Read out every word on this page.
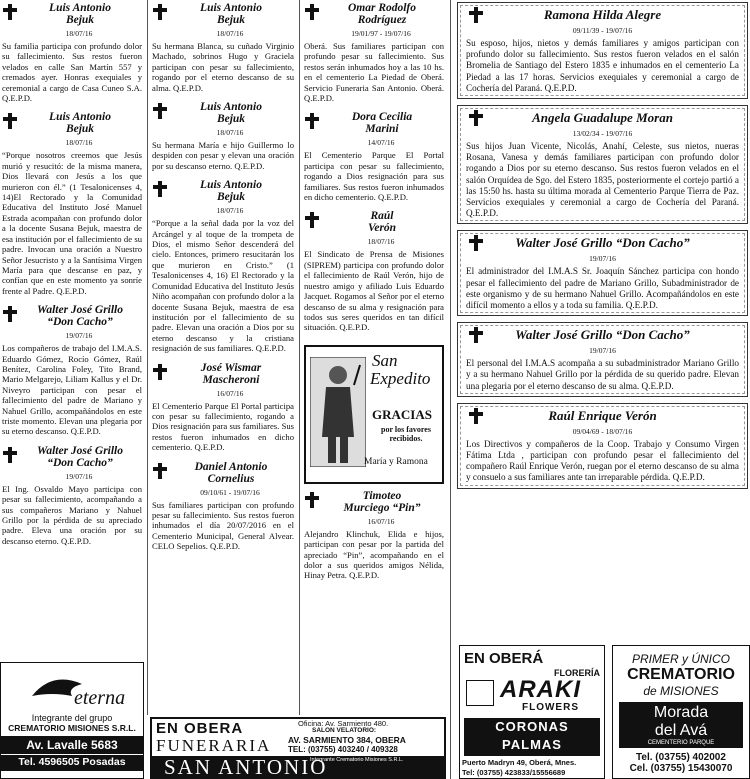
Luis Antonio
Bejuk
18/07/16

Su familia participa con profundo dolor su fallecimiento. Sus restos fueron velados en calle San Martín 557 y cremados ayer. Honras exequiales y ceremonial a cargo de Casa Cuneo S.A. Q.E.P.D.

Luis Antonio
Bejuk
18/07/16

“Porque nosotros creemos que Jesús murió y resucitó: de la misma manera, Dios llevará con Jesús a los que murieron con él.” (1 Tesalonicenses 4, 14)El Rectorado y la Comunidad Educativa del Instituto José Manuel Estrada acompañan con profundo dolor a la docente Susana Bejuk, maestra de esa institución por el fallecimiento de su padre. Invocan una oración a Nuestro Señor Jesucristo y a la Santísima Virgen María para que descanse en paz, y confían que en este momento ya sonríe frente al Padre. Q.E.P.D.

Walter José Grillo
“Don Cacho”
19/07/16

Los compañeros de trabajo del I.M.A.S. Eduardo Gómez, Rocío Gómez, Raúl Benítez, Carolina Foley, Tito Brand, Mario Melgarejo, Liliam Kallus y el Dr. Niveyro participan con pesar el fallecimiento del padre de Mariano y Nahuel Grillo, acompañándolos en este triste momento. Elevan una plegaria por su eterno descanso. Q.E.P.D.

Walter José Grillo
“Don Cacho”
19/07/16

El Ing. Osvaldo Mayo participa con pesar su fallecimiento, acompañando a sus compañeros Mariano y Nahuel Grillo por la pérdida de su apreciado padre. Eleva una oración por su descanso eterno. Q.E.P.D.

Luis Antonio
Bejuk
18/07/16

Su hermana Blanca, su cuñado Virginio Machado, sobrinos Hugo y Graciela participan con pesar su fallecimiento, rogando por el eterno descanso de su alma. Q.E.P.D.

Luis Antonio
Bejuk
18/07/16

Su hermana María e hijo Guillermo lo despiden con pesar y elevan una oración por su descanso eterno. Q.E.P.D.

Luis Antonio
Bejuk
18/07/16

“Porque a la señal dada por la voz del Arcángel y al toque de la trompeta de Dios, el mismo Señor descenderá del cielo. Entonces, primero resucitarán los que murieron en Cristo.” (1 Tesalonicenses 4, 16) El Rectorado y la Comunidad Educativa del Instituto Jesús Niño acompañan con profundo dolor a la docente Susana Bejuk, maestra de esa institución por el fallecimiento de su padre. Elevan una oración a Dios por su eterno descanso y la cristiana resignación de sus familiares. Q.E.P.D.

José Wismar
Mascheroni
16/07/16

El Cementerio Parque El Portal participa con pesar su fallecimiento, rogando a Dios resignación para sus familiares. Sus restos fueron inhumados en dicho cementerio. Q.E.P.D.

Daniel Antonio
Cornelius
09/10/61 - 19/07/16

Sus familiares participan con profundo pesar su fallecimiento. Sus restos fueron inhumados el día 20/07/2016 en el Cementerio Municipal, General Alvear. CELO Sepelios. Q.E.P.D.

Omar Rodolfo
Rodríguez
19/01/97 - 19/07/16

Oberá. Sus familiares participan con profundo pesar su fallecimiento. Sus restos serán inhumados hoy a las 10 hs. en el cementerio La Piedad de Oberá. Servicio Funeraria San Antonio. Oberá. Q.E.P.D.

Dora Cecilia
Marini
14/07/16

El Cementerio Parque El Portal participa con pesar su fallecimiento, rogando a Dios resignación para sus familiares. Sus restos fueron inhumados en dicho cementerio. Q.E.P.D.

Raúl
Verón
18/07/16

El Sindicato de Prensa de Misiones (SIPREM) participa con profundo dolor el fallecimiento de Raúl Verón, hijo de nuestro amigo y afiliado Luis Eduardo Jacquet. Rogamos al Señor por el eterno descanso de su alma y resignación para todos sus seres queridos en tan difícil situación. Q.E.P.D.

San
Expedito
GRACIAS
por los favores recibidos.
María y Ramona
Timoteo
Murciego “Pin”
16/07/16

Alejandro Klinchuk, Elida e hijos, participan con pesar por la partida del apreciado “Pin”, acompañando en el dolor a sus queridos amigos Nélida, Hinay Petra. Q.E.P.D.

Ramona Hilda Alegre
09/11/39 - 19/07/16

Su esposo, hijos, nietos y demás familiares y amigos participan con profundo dolor su fallecimiento. Sus restos fueron velados en el salón Bromelia de Santiago del Estero 1835 e inhumados en el cementerio La Piedad a las 17 horas. Servicios exequiales y ceremonial a cargo de Cochería del Paraná. Q.E.P.D.

Angela Guadalupe Moran
13/02/34 - 19/07/16

Sus hijos Juan Vicente, Nicolás, Anahí, Celeste, sus nietos, nueras Rosana, Vanesa y demás familiares participan con profundo dolor rogando a Dios por su eterno descanso. Sus restos fueron velados en el salón Orquídea de Sgo. del Estero 1835, posteriormente el cortejo partió a las 15:50 hs. hasta su última morada al Cementerio Parque Tierra de Paz. Servicios exequiales y ceremonial a cargo de Cochería del Paraná. Q.E.P.D.

Walter José Grillo “Don Cacho”
19/07/16

El administrador del I.M.A.S Sr. Joaquín Sánchez participa con hondo pesar el fallecimiento del padre de Mariano Grillo, Subadministrador de este organismo y de su hermano Nahuel Grillo. Acompañándolos en este difícil momento a ellos y a toda su familia. Q.E.P.D.

Walter José Grillo “Don Cacho”
19/07/16

El personal del I.M.A.S acompaña a su subadministrador Mariano Grillo y a su hermano Nahuel Grillo por la pérdida de su querido padre. Elevan una plegaria por el eterno descanso de su alma. Q.E.P.D.

Raúl Enrique Verón
09/04/69 - 18/07/16

Los Directivos y compañeros de la Coop. Trabajo y Consumo Virgen Fátima Ltda , participan con profundo pesar el fallecimiento del compañero Raúl Enrique Verón, ruegan por el eterno descanso de su alma y consuelo a sus familiares ante tan irreparable pérdida. Q.E.P.D.

eterna
Integrante del grupo
CREMATORIO MISIONES S.R.L.
Av. Lavalle 5683
Tel. 4596505 Posadas
EN OBERA
FUNERARIA
Oficina: Av. Sarmiento 480.
SALON VELATORIO:
AV. SARMIENTO 384, OBERA
TEL: (03755) 403240 / 409328
SAN ANTONIO
Integrante Crematorio Misiones S.R.L.
EN OBERÁ
FLORERÍA
ARAKI
FLOWERS
CORONAS
PALMAS
Puerto Madryn 49, Oberá, Mnes.
Tel: (03755) 423833/15556689
PRIMER y ÚNICO
CREMATORIO
de MISIONES
Morada
del Avá
CEMENTERIO PARQUE
Tel. (03755) 402002
Cel. (03755) 15430070
